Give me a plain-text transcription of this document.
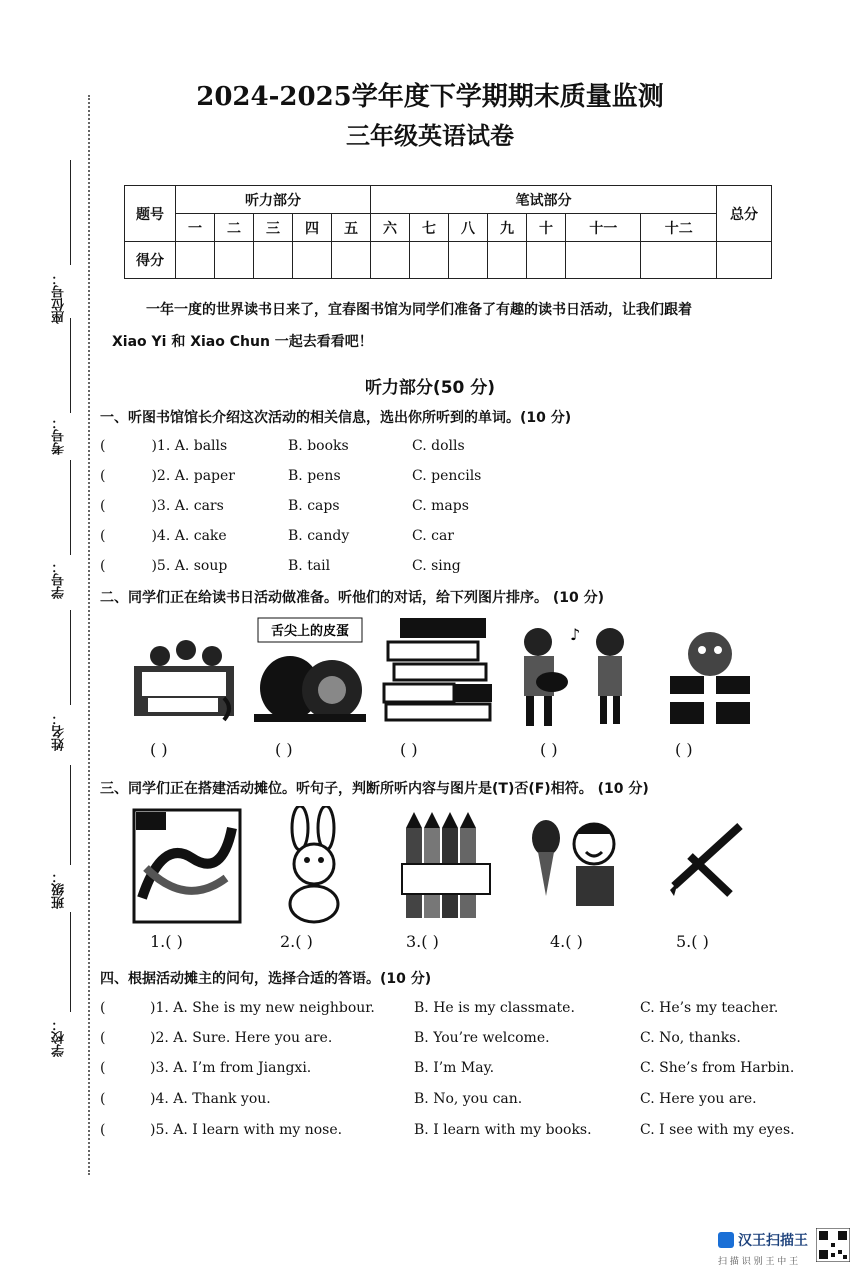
2024-2025学年度下学期期末质量监测
三年级英语试卷
座位号：
考号：
学号：
姓名：
班级：
学校：
题号	听力部分					笔试部分							总分
	一	二	三	四	五	六	七	八	九	十	十一	十二	
得分													
一年一度的世界读书日来了，宜春图书馆为同学们准备了有趣的读书日活动，让我们跟着
Xiao Yi 和 Xiao Chun 一起去看看吧！
听力部分(50 分)
一、听图书馆馆长介绍这次活动的相关信息，选出你所听到的单词。(10 分)
(	)1. A. balls	B. books	C. dolls
(	)2. A. paper	B. pens	C. pencils
(	)3. A. cars	B. caps	C. maps
(	)4. A. cake	B. candy	C. car
(	)5. A. soup	B. tail	C. sing
二、同学们正在给读书日活动做准备。听他们的对话，给下列图片排序。 (10 分)
舌尖上的皮蛋	♪
( )	( )	( )	( )	( )
三、同学们正在搭建活动摊位。听句子，判断所听内容与图片是(T)否(F)相符。 (10 分)
1.( )	2.( )	3.( )	4.( )	5.( )
四、根据活动摊主的问句，选择合适的答语。(10 分)
(	)1. A. She is my new neighbour.	B. He is my classmate.	C. He’s my teacher.
(	)2. A. Sure. Here you are.	B. You’re welcome.	C. No, thanks.
(	)3. A. I’m from Jiangxi.	B. I’m May.	C. She’s from Harbin.
(	)4. A. Thank you.	B. No, you can.	C. Here you are.
(	)5. A. I learn with my nose.	B. I learn with my books.	C. I see with my eyes.
汉王扫描王
扫 描 识 别 王 中 王
